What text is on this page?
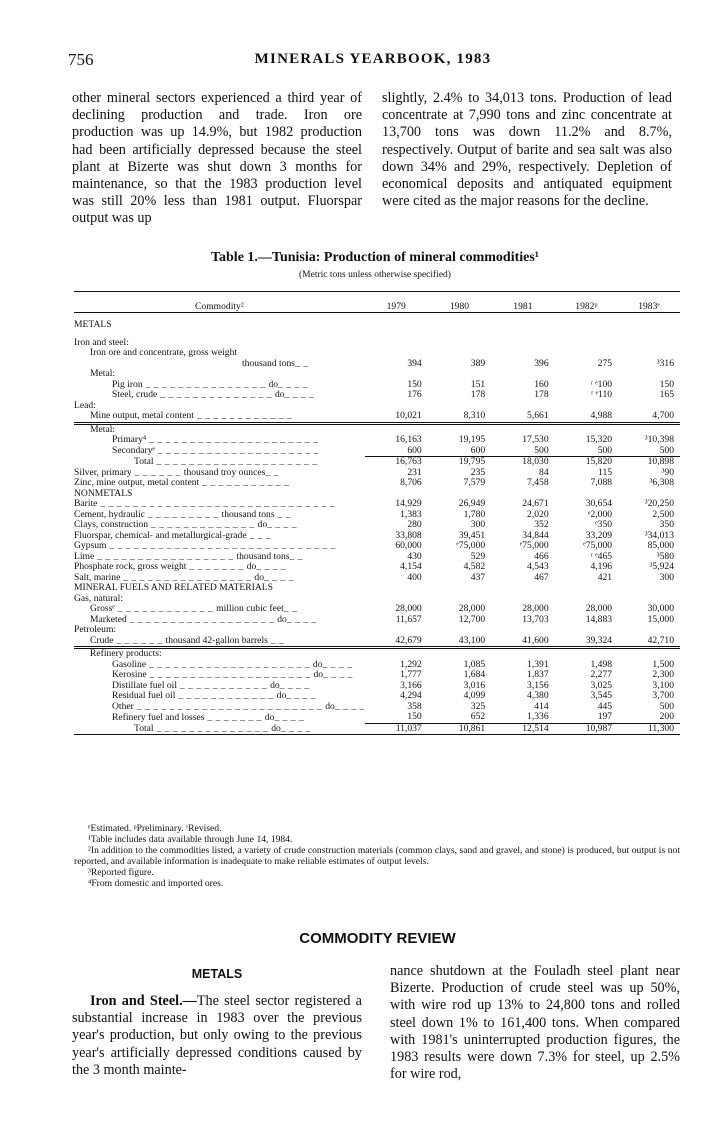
756	MINERALS YEARBOOK, 1983

other mineral sectors experienced a third year of declining production and trade. Iron ore production was up 14.9%, but 1982 production had been artificially depressed because the steel plant at Bizerte was shut down 3 months for maintenance, so that the 1983 production level was still 20% less than 1981 output. Fluorspar output was up

slightly, 2.4% to 34,013 tons. Production of lead concentrate at 7,990 tons and zinc concentrate at 13,700 tons was down 11.2% and 8.7%, respectively. Output of barite and sea salt was also down 34% and 29%, respectively. Depletion of economical deposits and antiquated equipment were cited as the major reasons for the decline.

Table 1.—Tunisia: Production of mineral commodities¹
(Metric tons unless otherwise specified)
Commodity²	1979	1980	1981	1982ᵖ	1983ᵉ

METALS					

Iron and steel:					
Iron ore and concentrate, gross weight					
thousand tons_ _	394	389	396	275	³316
Metal:					
Pig iron _ _ _ _ _ _ _ _ _ _ _ _ _ _ _ do_ _ _ _	150	151	160	ʳ ᵉ100	150
Steel, crude _ _ _ _ _ _ _ _ _ _ _ _ _ _ do_ _ _ _	176	178	178	ʳ ᵉ110	165
Lead:					
Mine output, metal content _ _ _ _ _ _ _ _ _ _ _ _	10,021	8,310	5,661	4,988	4,700

Metal:					
Primary⁴ _ _ _ _ _ _ _ _ _ _ _ _ _ _ _ _ _ _ _ _ _	16,163	19,195	17,530	15,320	³10,398
Secondaryᵉ _ _ _ _ _ _ _ _ _ _ _ _ _ _ _ _ _ _ _ _	600	600	500	500	500

Total _ _ _ _ _ _ _ _ _ _ _ _ _ _ _ _ _ _ _ _	16,763	19,795	18,030	15,820	10,898
Silver, primary _ _ _ _ _ _ thousand troy ounces_ _	231	235	84	115	³90
Zinc, mine output, metal content _ _ _ _ _ _ _ _ _ _ _	8,706	7,579	7,458	7,088	³6,308
NONMETALS					
Barite _ _ _ _ _ _ _ _ _ _ _ _ _ _ _ _ _ _ _ _ _ _ _ _ _ _ _ _ _	14,929	26,949	24,671	30,654	³20,250
Cement, hydraulic _ _ _ _ _ _ _ _ _ thousand tons _ _	1,383	1,780	2,020	ᵉ2,000	2,500
Clays, construction _ _ _ _ _ _ _ _ _ _ _ _ _ do_ _ _ _	280	300	352	ᵉ350	350
Fluorspar, chemical- and metallurgical-grade _ _ _	33,808	39,451	34,844	33,209	³34,013
Gypsum _ _ _ _ _ _ _ _ _ _ _ _ _ _ _ _ _ _ _ _ _ _ _ _ _ _ _ _	60,000	ᵉ75,000	ᵉ75,000	ᵉ75,000	85,000
Lime _ _ _ _ _ _ _ _ _ _ _ _ _ _ _ _ _ thousand tons_ _	430	529	466	ʳ ᵉ465	³580
Phosphate rock, gross weight _ _ _ _ _ _ _ do_ _ _ _	4,154	4,582	4,543	4,196	³5,924
Salt, marine _ _ _ _ _ _ _ _ _ _ _ _ _ _ _ _ do_ _ _ _	400	437	467	421	300
MINERAL FUELS AND RELATED MATERIALS					
Gas, natural:					
Grossᵉ _ _ _ _ _ _ _ _ _ _ _ _ million cubic feet_ _	28,000	28,000	28,000	28,000	30,000
Marketed _ _ _ _ _ _ _ _ _ _ _ _ _ _ _ _ _ _ do_ _ _ _	11,657	12,700	13,703	14,883	15,000
Petroleum:					
Crude _ _ _ _ _ _ thousand 42-gallon barrels _ _	42,679	43,100	41,600	39,324	42,710

Refinery products:					
Gasoline _ _ _ _ _ _ _ _ _ _ _ _ _ _ _ _ _ _ _ _ do_ _ _ _	1,292	1,085	1,391	1,498	1,500
Kerosine _ _ _ _ _ _ _ _ _ _ _ _ _ _ _ _ _ _ _ _ do_ _ _ _	1,777	1,684	1,837	2,277	2,300
Distillate fuel oil _ _ _ _ _ _ _ _ _ _ _ do_ _ _ _	3,166	3,016	3,156	3,025	3,100
Residual fuel oil _ _ _ _ _ _ _ _ _ _ _ _ do_ _ _ _	4,294	4,099	4,380	3,545	3,700
Other _ _ _ _ _ _ _ _ _ _ _ _ _ _ _ _ _ _ _ _ _ _ _ do_ _ _ _	358	325	414	445	500
Refinery fuel and losses _ _ _ _ _ _ _ do_ _ _ _	150	652	1,336	197	200

Total _ _ _ _ _ _ _ _ _ _ _ _ _ _ do_ _ _ _	11,037	10,861	12,514	10,987	11,300

ᵉEstimated. ᵖPreliminary. ʳRevised.

¹Table includes data available through June 14, 1984.

²In addition to the commodities listed, a variety of crude construction materials (common clays, sand and gravel, and stone) is produced, but output is not reported, and available information is inadequate to make reliable estimates of output levels.

³Reported figure.

⁴From domestic and imported ores.

COMMODITY REVIEW
METALS

Iron and Steel.—The steel sector registered a substantial increase in 1983 over the previous year's production, but only owing to the previous year's artificially depressed conditions caused by the 3 month mainte-

nance shutdown at the Fouladh steel plant near Bizerte. Production of crude steel was up 50%, with wire rod up 13% to 24,800 tons and rolled steel down 1% to 161,400 tons. When compared with 1981's uninterrupted production figures, the 1983 results were down 7.3% for steel, up 2.5% for wire rod,
